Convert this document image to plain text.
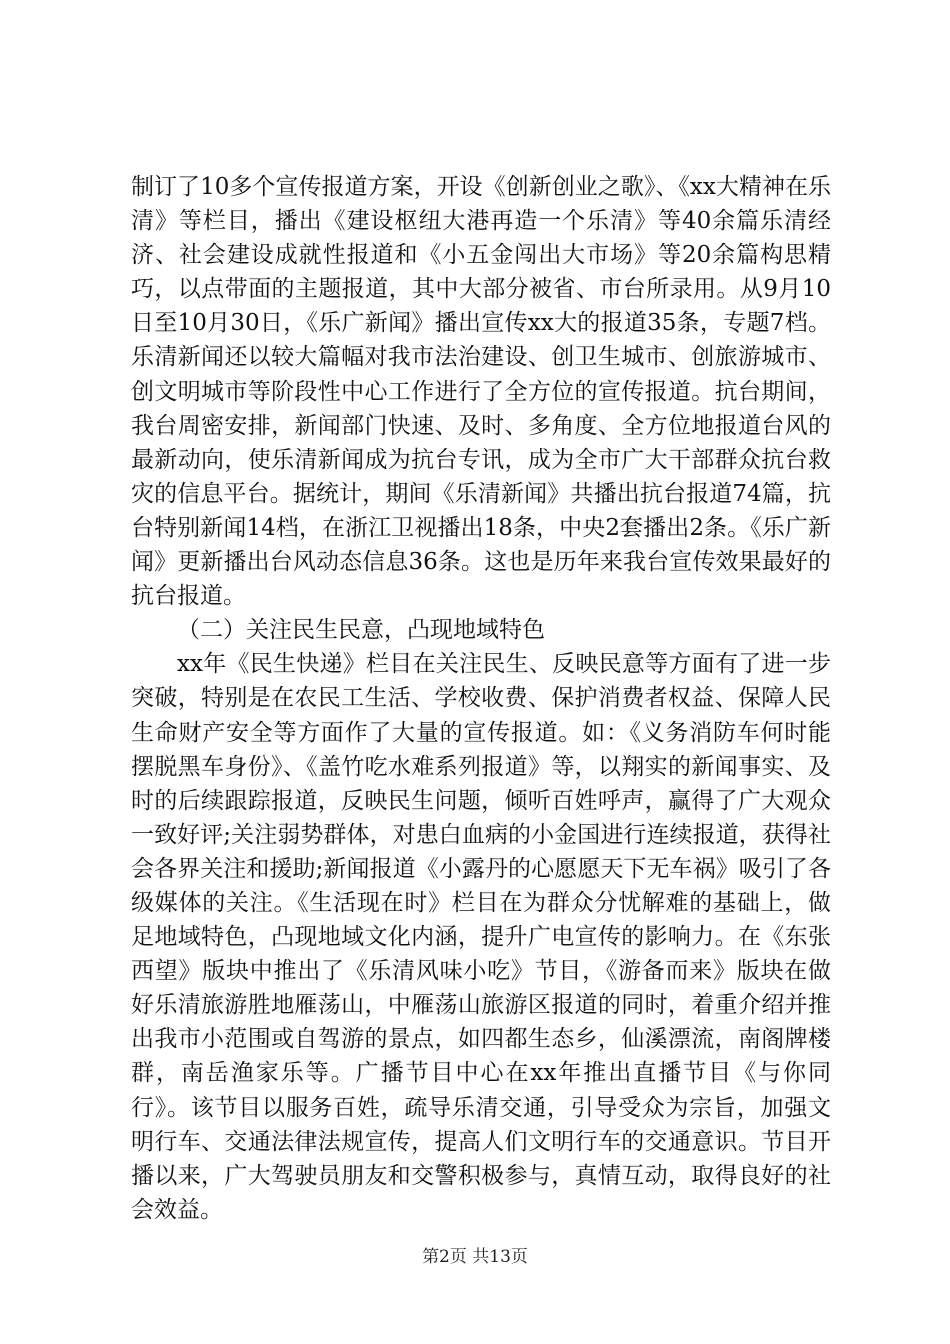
制订了10多个宣传报道方案，开设《创新创业之歌》、《xx大精神在乐清》等栏目，播出《建设枢纽大港再造一个乐清》等40余篇乐清经济、社会建设成就性报道和《小五金闯出大市场》等20余篇构思精巧，以点带面的主题报道，其中大部分被省、市台所录用。从9月10日至10月30日，《乐广新闻》播出宣传xx大的报道35条，专题7档。乐清新闻还以较大篇幅对我市法治建设、创卫生城市、创旅游城市、创文明城市等阶段性中心工作进行了全方位的宣传报道。抗台期间，我台周密安排，新闻部门快速、及时、多角度、全方位地报道台风的最新动向，使乐清新闻成为抗台专讯，成为全市广大干部群众抗台救灾的信息平台。据统计，期间《乐清新闻》共播出抗台报道74篇，抗台特别新闻14档，在浙江卫视播出18条，中央2套播出2条。《乐广新闻》更新播出台风动态信息36条。这也是历年来我台宣传效果最好的抗台报道。

（二）关注民生民意，凸现地域特色

xx年《民生快递》栏目在关注民生、反映民意等方面有了进一步突破，特别是在农民工生活、学校收费、保护消费者权益、保障人民生命财产安全等方面作了大量的宣传报道。如：《义务消防车何时能摆脱黑车身份》、《盖竹吃水难系列报道》等，以翔实的新闻事实、及时的后续跟踪报道，反映民生问题，倾听百姓呼声，赢得了广大观众一致好评;关注弱势群体，对患白血病的小金国进行连续报道，获得社会各界关注和援助;新闻报道《小露丹的心愿愿天下无车祸》吸引了各级媒体的关注。《生活现在时》栏目在为群众分忧解难的基础上，做足地域特色，凸现地域文化内涵，提升广电宣传的影响力。在《东张西望》版块中推出了《乐清风味小吃》节目，《游备而来》版块在做好乐清旅游胜地雁荡山，中雁荡山旅游区报道的同时，着重介绍并推出我市小范围或自驾游的景点，如四都生态乡，仙溪漂流，南阁牌楼群，南岳渔家乐等。广播节目中心在xx年推出直播节目《与你同行》。该节目以服务百姓，疏导乐清交通，引导受众为宗旨，加强文明行车、交通法律法规宣传，提高人们文明行车的交通意识。节目开播以来，广大驾驶员朋友和交警积极参与，真情互动，取得良好的社会效益。

第2页 共13页
